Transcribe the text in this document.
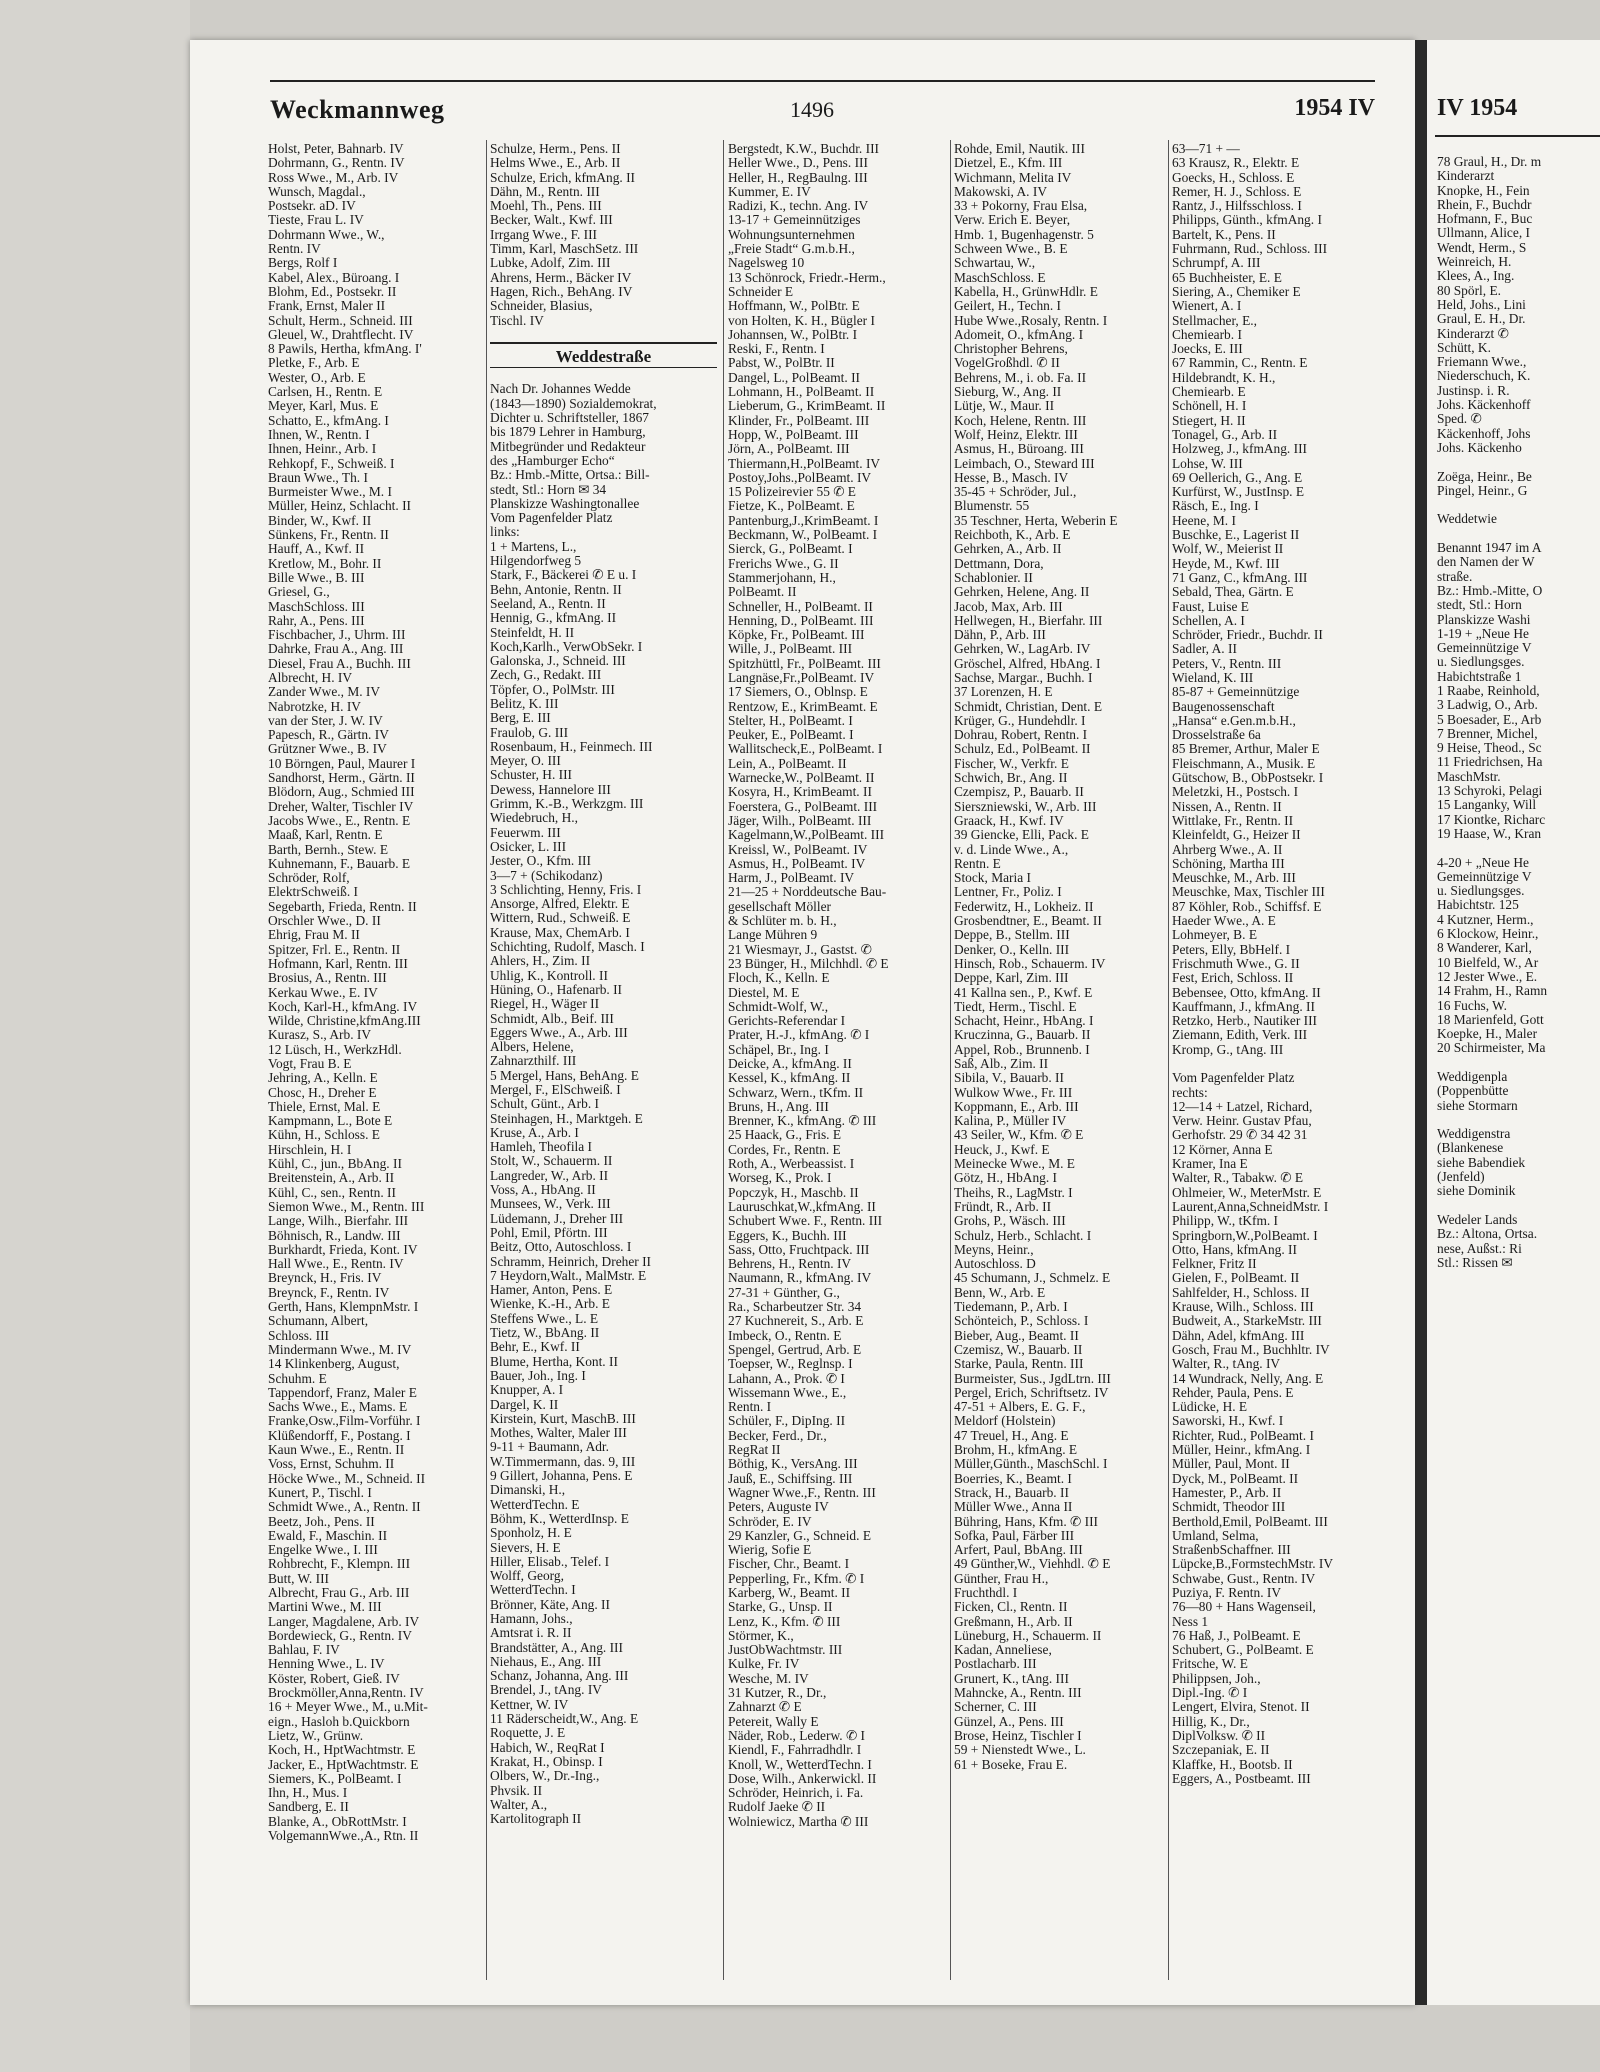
Weckmannweg	1496	1954 IV
Holst, Peter, Bahnarb. IV
Dohrmann, G., Rentn. IV
Ross Wwe., M., Arb. IV
Wunsch, Magdal.,
Postsekr. aD. IV
Tieste, Frau L. IV
Dohrmann Wwe., W.,
Rentn. IV
Bergs, Rolf I
Kabel, Alex., Büroang. I
Blohm, Ed., Postsekr. II
Frank, Ernst, Maler II
Schult, Herm., Schneid. III
Gleuel, W., Drahtflecht. IV
8 Pawils, Hertha, kfmAng. I'
Pletke, F., Arb. E
Wester, O., Arb. E
Carlsen, H., Rentn. E
Meyer, Karl, Mus. E
Schatto, E., kfmAng. I
Ihnen, W., Rentn. I
Ihnen, Heinr., Arb. I
Rehkopf, F., Schweiß. I
Braun Wwe., Th. I
Burmeister Wwe., M. I
Müller, Heinz, Schlacht. II
Binder, W., Kwf. II
Sünkens, Fr., Rentn. II
Hauff, A., Kwf. II
Kretlow, M., Bohr. II
Bille Wwe., B. III
Griesel, G.,
MaschSchloss. III
Rahr, A., Pens. III
Fischbacher, J., Uhrm. III
Dahrke, Frau A., Ang. III
Diesel, Frau A., Buchh. III
Albrecht, H. IV
Zander Wwe., M. IV
Nabrotzke, H. IV
van der Ster, J. W. IV
Papesch, R., Gärtn. IV
Grützner Wwe., B. IV
10 Börngen, Paul, Maurer I
Sandhorst, Herm., Gärtn. II
Blödorn, Aug., Schmied III
Dreher, Walter, Tischler IV
Jacobs Wwe., E., Rentn. E
Maaß, Karl, Rentn. E
Barth, Bernh., Stew. E
Kuhnemann, F., Bauarb. E
Schröder, Rolf,
ElektrSchweiß. I
Segebarth, Frieda, Rentn. II
Orschler Wwe., D. II
Ehrig, Frau M. II
Spitzer, Frl. E., Rentn. II
Hofmann, Karl, Rentn. III
Brosius, A., Rentn. III
Kerkau Wwe., E. IV
Koch, Karl-H., kfmAng. IV
Wilde, Christine,kfmAng.III
Kurasz, S., Arb. IV
12 Lüsch, H., WerkzHdl.
Vogt, Frau B. E
Jehring, A., Kelln. E
Chosc, H., Dreher E
Thiele, Ernst, Mal. E
Kampmann, L., Bote E
Kühn, H., Schloss. E
Hirschlein, H. I
Kühl, C., jun., BbAng. II
Breitenstein, A., Arb. II
Kühl, C., sen., Rentn. II
Siemon Wwe., M., Rentn. III
Lange, Wilh., Bierfahr. III
Böhnisch, R., Landw. III
Burkhardt, Frieda, Kont. IV
Hall Wwe., E., Rentn. IV
Breynck, H., Fris. IV
Breynck, F., Rentn. IV
Gerth, Hans, KlempnMstr. I
Schumann, Albert,
Schloss. III
Mindermann Wwe., M. IV
14 Klinkenberg, August,
Schuhm. E
Tappendorf, Franz, Maler E
Sachs Wwe., E., Mams. E
Franke,Osw.,Film-Vorführ. I
Klüßendorff, F., Postang. I
Kaun Wwe., E., Rentn. II
Voss, Ernst, Schuhm. II
Höcke Wwe., M., Schneid. II
Kunert, P., Tischl. I
Schmidt Wwe., A., Rentn. II
Beetz, Joh., Pens. II
Ewald, F., Maschin. II
Engelke Wwe., I. III
Rohbrecht, F., Klempn. III
Butt, W. III
Albrecht, Frau G., Arb. III
Martini Wwe., M. III
Langer, Magdalene, Arb. IV
Bordewieck, G., Rentn. IV
Bahlau, F. IV
Henning Wwe., L. IV
Köster, Robert, Gieß. IV
Brockmöller,Anna,Rentn. IV
16 + Meyer Wwe., M., u.Mit-
eign., Hasloh b.Quickborn
Lietz, W., Grünw.
Koch, H., HptWachtmstr. E
Jacker, E., HptWachtmstr. E
Siemers, K., PolBeamt. I
Ihn, H., Mus. I
Sandberg, E. II
Blanke, A., ObRottMstr. I
VolgemannWwe.,A., Rtn. II
Schulze, Herm., Pens. II
Helms Wwe., E., Arb. II
Schulze, Erich, kfmAng. II
Dähn, M., Rentn. III
Moehl, Th., Pens. III
Becker, Walt., Kwf. III
Irrgang Wwe., F. III
Timm, Karl, MaschSetz. III
Lubke, Adolf, Zim. III
Ahrens, Herm., Bäcker IV
Hagen, Rich., BehAng. IV
Schneider, Blasius,
Tischl. IV

Weddestraße

Nach Dr. Johannes Wedde
(1843—1890) Sozialdemokrat,
Dichter u. Schriftsteller, 1867
bis 1879 Lehrer in Hamburg,
Mitbegründer und Redakteur
des „Hamburger Echo“
Bz.: Hmb.-Mitte, Ortsa.: Bill-
stedt, Stl.: Horn ✉ 34
Planskizze Washingtonallee
Vom Pagenfelder Platz
links:
1 + Martens, L.,
Hilgendorfweg 5
Stark, F., Bäckerei ✆ E u. I
Behn, Antonie, Rentn. II
Seeland, A., Rentn. II
Hennig, G., kfmAng. II
Steinfeldt, H. II
Koch,Karlh., VerwObSekr. I
Galonska, J., Schneid. III
Zech, G., Redakt. III
Töpfer, O., PolMstr. III
Belitz, K. III
Berg, E. III
Fraulob, G. III
Rosenbaum, H., Feinmech. III
Meyer, O. III
Schuster, H. III
Dewess, Hannelore III
Grimm, K.-B., Werkzgm. III
Wiedebruch, H.,
Feuerwm. III
Osicker, L. III
Jester, O., Kfm. III
3—7 + (Schikodanz)
3 Schlichting, Henny, Fris. I
Ansorge, Alfred, Elektr. E
Wittern, Rud., Schweiß. E
Krause, Max, ChemArb. I
Schichting, Rudolf, Masch. I
Ahlers, H., Zim. II
Uhlig, K., Kontroll. II
Hüning, O., Hafenarb. II
Riegel, H., Wäger II
Schmidt, Alb., Beif. III
Eggers Wwe., A., Arb. III
Albers, Helene,
Zahnarzthilf. III
5 Mergel, Hans, BehAng. E
Mergel, F., ElSchweiß. I
Schult, Günt., Arb. I
Steinhagen, H., Marktgeh. E
Kruse, A., Arb. I
Hamleh, Theofila I
Stolt, W., Schauerm. II
Langreder, W., Arb. II
Voss, A., HbAng. II
Munsees, W., Verk. III
Lüdemann, J., Dreher III
Pohl, Emil, Pförtn. III
Beitz, Otto, Autoschloss. I
Schramm, Heinrich, Dreher II
7 Heydorn,Walt., MalMstr. E
Hamer, Anton, Pens. E
Wienke, K.-H., Arb. E
Steffens Wwe., L. E
Tietz, W., BbAng. II
Behr, E., Kwf. II
Blume, Hertha, Kont. II
Bauer, Joh., Ing. I
Knupper, A. I
Dargel, K. II
Kirstein, Kurt, MaschB. III
Mothes, Walter, Maler III
9-11 + Baumann, Adr.
W.Timmermann, das. 9, III
9 Gillert, Johanna, Pens. E
Dimanski, H.,
WetterdTechn. E
Böhm, K., WetterdInsp. E
Sponholz, H. E
Sievers, H. E
Hiller, Elisab., Telef. I
Wolff, Georg,
WetterdTechn. I
Brönner, Käte, Ang. II
Hamann, Johs.,
Amtsrat i. R. II
Brandstätter, A., Ang. III
Niehaus, E., Ang. III
Schanz, Johanna, Ang. III
Brendel, J., tAng. IV
Kettner, W. IV
11 Räderscheidt,W., Ang. E
Roquette, J. E
Habich, W., ReqRat I
Krakat, H., Obinsp. I
Olbers, W., Dr.-Ing.,
Phvsik. II
Walter, A.,
Kartolitograph II
Bergstedt, K.W., Buchdr. III
Heller Wwe., D., Pens. III
Heller, H., RegBaulng. III
Kummer, E. IV
Radizi, K., techn. Ang. IV
13-17 + Gemeinnütziges
Wohnungsunternehmen
„Freie Stadt“ G.m.b.H.,
Nagelsweg 10
13 Schönrock, Friedr.-Herm.,
Schneider E
Hoffmann, W., PolBtr. E
von Holten, K. H., Bügler I
Johannsen, W., PolBtr. I
Reski, F., Rentn. I
Pabst, W., PolBtr. II
Dangel, L., PolBeamt. II
Lohmann, H., PolBeamt. II
Lieberum, G., KrimBeamt. II
Klinder, Fr., PolBeamt. III
Hopp, W., PolBeamt. III
Jörn, A., PolBeamt. III
Thiermann,H.,PolBeamt. IV
Postoy,Johs.,PolBeamt. IV
15 Polizeirevier 55 ✆ E
Fietze, K., PolBeamt. E
Pantenburg,J.,KrimBeamt. I
Beckmann, W., PolBeamt. I
Sierck, G., PolBeamt. I
Frerichs Wwe., G. II
Stammerjohann, H.,
PolBeamt. II
Schneller, H., PolBeamt. II
Henning, D., PolBeamt. III
Köpke, Fr., PolBeamt. III
Wille, J., PolBeamt. III
Spitzhüttl, Fr., PolBeamt. III
Langnäse,Fr.,PolBeamt. IV
17 Siemers, O., Oblnsp. E
Rentzow, E., KrimBeamt. E
Stelter, H., PolBeamt. I
Peuker, E., PolBeamt. I
Wallitscheck,E., PolBeamt. I
Lein, A., PolBeamt. II
Warnecke,W., PolBeamt. II
Kosyra, H., KrimBeamt. II
Foerstera, G., PolBeamt. III
Jäger, Wilh., PolBeamt. III
Kagelmann,W.,PolBeamt. III
Kreissl, W., PolBeamt. IV
Asmus, H., PolBeamt. IV
Harm, J., PolBeamt. IV
21—25 + Norddeutsche Bau-
gesellschaft Möller
& Schlüter m. b. H.,
Lange Mühren 9
21 Wiesmayr, J., Gastst. ✆
23 Bünger, H., Milchhdl. ✆ E
Floch, K., Kelln. E
Diestel, M. E
Schmidt-Wolf, W.,
Gerichts-Referendar I
Prater, H.-J., kfmAng. ✆ I
Schäpel, Br., Ing. I
Deicke, A., kfmAng. II
Kessel, K., kfmAng. II
Schwarz, Wern., tKfm. II
Bruns, H., Ang. III
Brenner, K., kfmAng. ✆ III
25 Haack, G., Fris. E
Cordes, Fr., Rentn. E
Roth, A., Werbeassist. I
Worseg, K., Prok. I
Popczyk, H., Maschb. II
Lauruschkat,W.,kfmAng. II
Schubert Wwe. F., Rentn. III
Eggers, K., Buchh. III
Sass, Otto, Fruchtpack. III
Behrens, H., Rentn. IV
Naumann, R., kfmAng. IV
27-31 + Günther, G.,
Ra., Scharbeutzer Str. 34
27 Kuchnereit, S., Arb. E
Imbeck, O., Rentn. E
Spengel, Gertrud, Arb. E
Toepser, W., Reglnsp. I
Lahann, A., Prok. ✆ I
Wissemann Wwe., E.,
Rentn. I
Schüler, F., DipIng. II
Becker, Ferd., Dr.,
RegRat II
Böthig, K., VersAng. III
Jauß, E., Schiffsing. III
Wagner Wwe.,F., Rentn. III
Peters, Auguste IV
Schröder, E. IV
29 Kanzler, G., Schneid. E
Wierig, Sofie E
Fischer, Chr., Beamt. I
Pepperling, Fr., Kfm. ✆ I
Karberg, W., Beamt. II
Starke, G., Unsp. II
Lenz, K., Kfm. ✆ III
Störmer, K.,
JustObWachtmstr. III
Kulke, Fr. IV
Wesche, M. IV
31 Kutzer, R., Dr.,
Zahnarzt ✆ E
Petereit, Wally E
Näder, Rob., Lederw. ✆ I
Kiendl, F., Fahrradhdlr. I
Knoll, W., WetterdTechn. I
Dose, Wilh., Ankerwickl. II
Schröder, Heinrich, i. Fa.
Rudolf Jaeke ✆ II
Wolniewicz, Martha ✆ III
Rohde, Emil, Nautik. III
Dietzel, E., Kfm. III
Wichmann, Melita IV
Makowski, A. IV
33 + Pokorny, Frau Elsa,
Verw. Erich E. Beyer,
Hmb. 1, Bugenhagenstr. 5
Schween Wwe., B. E
Schwartau, W.,
MaschSchloss. E
Kabella, H., GrünwHdlr. E
Geilert, H., Techn. I
Hube Wwe.,Rosaly, Rentn. I
Adomeit, O., kfmAng. I
Christopher Behrens,
VogelGroßhdl. ✆ II
Behrens, M., i. ob. Fa. II
Sieburg, W., Ang. II
Lütje, W., Maur. II
Koch, Helene, Rentn. III
Wolf, Heinz, Elektr. III
Asmus, H., Büroang. III
Leimbach, O., Steward III
Hesse, B., Masch. IV
35-45 + Schröder, Jul.,
Blumenstr. 55
35 Teschner, Herta, Weberin E
Reichboth, K., Arb. E
Gehrken, A., Arb. II
Dettmann, Dora,
Schablonier. II
Gehrken, Helene, Ang. II
Jacob, Max, Arb. III
Hellwegen, H., Bierfahr. III
Dähn, P., Arb. III
Gehrken, W., LagArb. IV
Gröschel, Alfred, HbAng. I
Sachse, Margar., Buchh. I
37 Lorenzen, H. E
Schmidt, Christian, Dent. E
Krüger, G., Hundehdlr. I
Dohrau, Robert, Rentn. I
Schulz, Ed., PolBeamt. II
Fischer, W., Verkfr. E
Schwich, Br., Ang. II
Czempisz, P., Bauarb. II
Sierszniewski, W., Arb. III
Graack, H., Kwf. IV
39 Giencke, Elli, Pack. E
v. d. Linde Wwe., A.,
Rentn. E
Stock, Maria I
Lentner, Fr., Poliz. I
Federwitz, H., Lokheiz. II
Grosbendtner, E., Beamt. II
Deppe, B., Stellm. III
Denker, O., Kelln. III
Hinsch, Rob., Schauerm. IV
Deppe, Karl, Zim. III
41 Kallna sen., P., Kwf. E
Tiedt, Herm., Tischl. E
Schacht, Heinr., HbAng. I
Kruczinna, G., Bauarb. II
Appel, Rob., Brunnenb. I
Saß, Alb., Zim. II
Sibila, V., Bauarb. II
Wulkow Wwe., Fr. III
Koppmann, E., Arb. III
Kalina, P., Müller IV
43 Seiler, W., Kfm. ✆ E
Heuck, J., Kwf. E
Meinecke Wwe., M. E
Götz, H., HbAng. I
Theihs, R., LagMstr. I
Fründt, R., Arb. II
Grohs, P., Wäsch. III
Schulz, Herb., Schlacht. I
Meyns, Heinr.,
Autoschloss. D
45 Schumann, J., Schmelz. E
Benn, W., Arb. E
Tiedemann, P., Arb. I
Schönteich, P., Schloss. I
Bieber, Aug., Beamt. II
Czemisz, W., Bauarb. II
Starke, Paula, Rentn. III
Burmeister, Sus., JgdLtrn. III
Pergel, Erich, Schriftsetz. IV
47-51 + Albers, E. G. F.,
Meldorf (Holstein)
47 Treuel, H., Ang. E
Brohm, H., kfmAng. E
Müller,Günth., MaschSchl. I
Boerries, K., Beamt. I
Strack, H., Bauarb. II
Müller Wwe., Anna II
Bühring, Hans, Kfm. ✆ III
Sofka, Paul, Färber III
Arfert, Paul, BbAng. III
49 Günther,W., Viehhdl. ✆ E
Günther, Frau H.,
Fruchthdl. I
Ficken, Cl., Rentn. II
Greßmann, H., Arb. II
Lüneburg, H., Schauerm. II
Kadan, Anneliese,
Postlacharb. III
Grunert, K., tAng. III
Mahncke, A., Rentn. III
Scherner, C. III
Günzel, A., Pens. III
Brose, Heinz, Tischler I
59 + Nienstedt Wwe., L.
61 + Boseke, Frau E.
63—71 + —
63 Krausz, R., Elektr. E
Goecks, H., Schloss. E
Remer, H. J., Schloss. E
Rantz, J., Hilfsschloss. I
Philipps, Günth., kfmAng. I
Bartelt, K., Pens. II
Fuhrmann, Rud., Schloss. III
Schrumpf, A. III
65 Buchheister, E. E
Siering, A., Chemiker E
Wienert, A. I
Stellmacher, E.,
Chemiearb. I
Joecks, E. III
67 Rammin, C., Rentn. E
Hildebrandt, K. H.,
Chemiearb. E
Schönell, H. I
Stiegert, H. II
Tonagel, G., Arb. II
Holzweg, J., kfmAng. III
Lohse, W. III
69 Oellerich, G., Ang. E
Kurfürst, W., JustInsp. E
Räsch, E., Ing. I
Heene, M. I
Buschke, E., Lagerist II
Wolf, W., Meierist II
Heyde, M., Kwf. III
71 Ganz, C., kfmAng. III
Sebald, Thea, Gärtn. E
Faust, Luise E
Schellen, A. I
Schröder, Friedr., Buchdr. II
Sadler, A. II
Peters, V., Rentn. III
Wieland, K. III
85-87 + Gemeinnützige
Baugenossenschaft
„Hansa“ e.Gen.m.b.H.,
Drosselstraße 6a
85 Bremer, Arthur, Maler E
Fleischmann, A., Musik. E
Gütschow, B., ObPostsekr. I
Meletzki, H., Postsch. I
Nissen, A., Rentn. II
Wittlake, Fr., Rentn. II
Kleinfeldt, G., Heizer II
Ahrberg Wwe., A. II
Schöning, Martha III
Meuschke, M., Arb. III
Meuschke, Max, Tischler III
87 Köhler, Rob., Schiffsf. E
Haeder Wwe., A. E
Lohmeyer, B. E
Peters, Elly, BbHelf. I
Frischmuth Wwe., G. II
Fest, Erich, Schloss. II
Bebensee, Otto, kfmAng. II
Kauffmann, J., kfmAng. II
Retzko, Herb., Nautiker III
Ziemann, Edith, Verk. III
Kromp, G., tAng. III

Vom Pagenfelder Platz
rechts:
12—14 + Latzel, Richard,
Verw. Heinr. Gustav Pfau,
Gerhofstr. 29 ✆ 34 42 31
12 Körner, Anna E
Kramer, Ina E
Walter, R., Tabakw. ✆ E
Ohlmeier, W., MeterMstr. E
Laurent,Anna,SchneidMstr. I
Philipp, W., tKfm. I
Springborn,W.,PolBeamt. I
Otto, Hans, kfmAng. II
Felkner, Fritz II
Gielen, F., PolBeamt. II
Sahlfelder, H., Schloss. II
Krause, Wilh., Schloss. III
Budweit, A., StarkeMstr. III
Dähn, Adel, kfmAng. III
Gosch, Frau M., Buchhltr. IV
Walter, R., tAng. IV
14 Wundrack, Nelly, Ang. E
Rehder, Paula, Pens. E
Lüdicke, H. E
Saworski, H., Kwf. I
Richter, Rud., PolBeamt. I
Müller, Heinr., kfmAng. I
Müller, Paul, Mont. II
Dyck, M., PolBeamt. II
Hamester, P., Arb. II
Schmidt, Theodor III
Berthold,Emil, PolBeamt. III
Umland, Selma,
StraßenbSchaffner. III
Lüpcke,B.,FormstechMstr. IV
Schwabe, Gust., Rentn. IV
Puziya, F. Rentn. IV
76—80 + Hans Wagenseil,
Ness 1
76 Haß, J., PolBeamt. E
Schubert, G., PolBeamt. E
Fritsche, W. E
Philippsen, Joh.,
Dipl.-Ing. ✆ I
Lengert, Elvira, Stenot. II
Hillig, K., Dr.,
DiplVolksw. ✆ II
Szczepaniak, E. II
Klaffke, H., Bootsb. II
Eggers, A., Postbeamt. III
IV 1954
78 Graul, H., Dr. m
Kinderarzt
Knopke, H., Fein
Rhein, F., Buchdr
Hofmann, F., Buc
Ullmann, Alice, I
Wendt, Herm., S
Weinreich, H.
Klees, A., Ing.
80 Spörl, E.
Held, Johs., Lini
Graul, E. H., Dr.
Kinderarzt ✆
Schütt, K.
Friemann Wwe.,
Niederschuch, K.
Justinsp. i. R.
Johs. Käckenhoff
Sped. ✆
Käckenhoff, Johs
Johs. Käckenho

Zoëga, Heinr., Be
Pingel, Heinr., G

Weddetwie

Benannt 1947 im A
den Namen der W
straße.
Bz.: Hmb.-Mitte, O
stedt, Stl.: Horn
Planskizze Washi
1-19 + „Neue He
Gemeinnützige V
u. Siedlungsges.
Habichtstraße 1
1 Raabe, Reinhold,
3 Ladwig, O., Arb.
5 Boesader, E., Arb
7 Brenner, Michel,
9 Heise, Theod., Sc
11 Friedrichsen, Ha
MaschMstr.
13 Schyroki, Pelagi
15 Langanky, Will
17 Kiontke, Richarc
19 Haase, W., Kran

4-20 + „Neue He
Gemeinnützige V
u. Siedlungsges.
Habichtstr. 125
4 Kutzner, Herm.,
6 Klockow, Heinr.,
8 Wanderer, Karl,
10 Bielfeld, W., Ar
12 Jester Wwe., E.
14 Frahm, H., Ramn
16 Fuchs, W.
18 Marienfeld, Gott
Koepke, H., Maler
20 Schirmeister, Ma

Weddigenpla
(Poppenbütte
siehe Stormarn

Weddigenstra
(Blankenese
siehe Babendiek
(Jenfeld)
siehe Dominik

Wedeler Lands
Bz.: Altona, Ortsa.
nese, Außst.: Ri
Stl.: Rissen ✉
